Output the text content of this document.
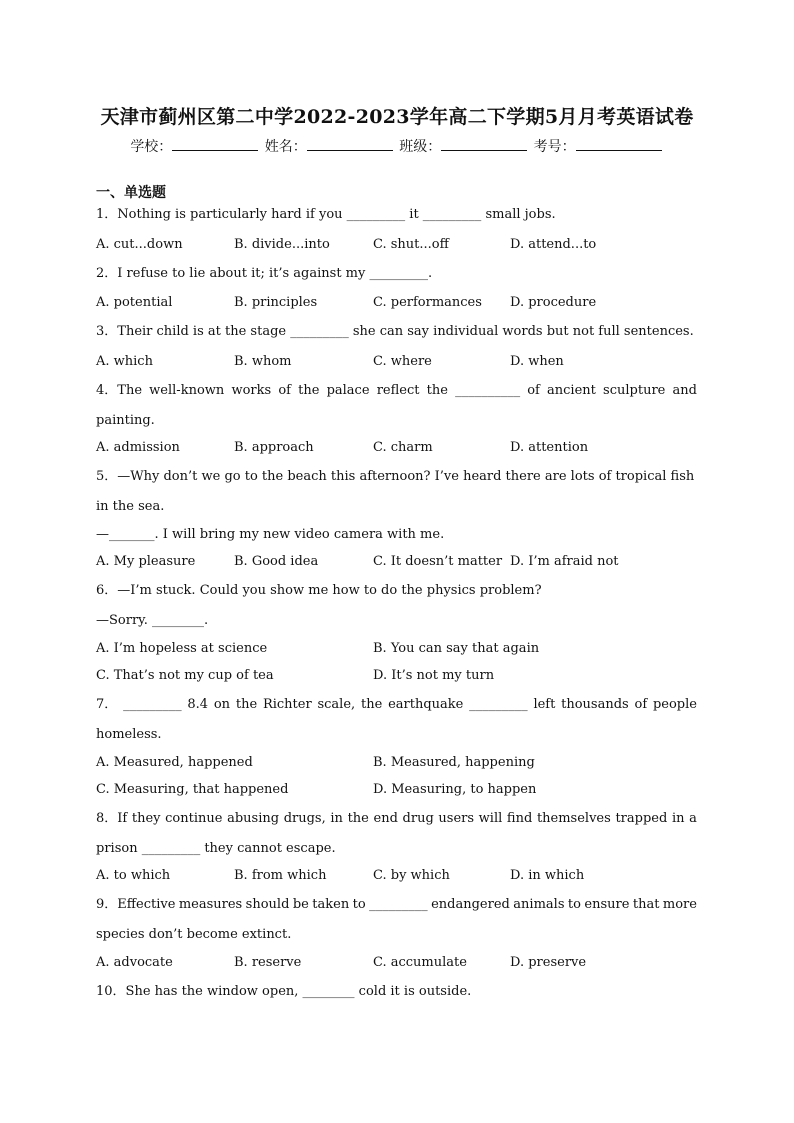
天津市蓟州区第二中学2022-2023学年高二下学期5月月考英语试卷
学校：	姓名：	班级：	考号：
一、单选题
1．Nothing is particularly hard if you _________ it _________ small jobs.
A. cut...down	B. divide...into	C. shut...off	D. attend...to
2．I refuse to lie about it; it’s against my _________.
A. potential	B. principles	C. performances D. procedure
3．Their child is at the stage _________ she can say individual words but not full sentences.
A. which	B. whom	C. where	D. when
4．The well-known works of the palace reflect the __________ of ancient sculpture and
painting.
A. admission	B. approach	C. charm	D. attention
5．—Why don’t we go to the beach this afternoon? I’ve heard there are lots of tropical fish
in the sea.
—_______. I will bring my new video camera with me.
A. My pleasure	B. Good idea	C. It doesn’t matter D. I’m afraid not
6．—I’m stuck. Could you show me how to do the physics problem?
—Sorry. ________.
A. I’m hopeless at science	B. You can say that again
C. That’s not my cup of tea	D. It’s not my turn
7． _________ 8.4 on the Richter scale, the earthquake _________ left thousands of people
homeless.
A. Measured, happened	B. Measured, happening
C. Measuring, that happened	D. Measuring, to happen
8．If they continue abusing drugs, in the end drug users will find themselves trapped in a
prison _________ they cannot escape.
A. to which	B. from which	C. by which	D. in which
9．Effective measures should be taken to _________ endangered animals to ensure that more
species don’t become extinct.
A. advocate	B. reserve	C. accumulate	D. preserve
10．She has the window open, ________ cold it is outside.
